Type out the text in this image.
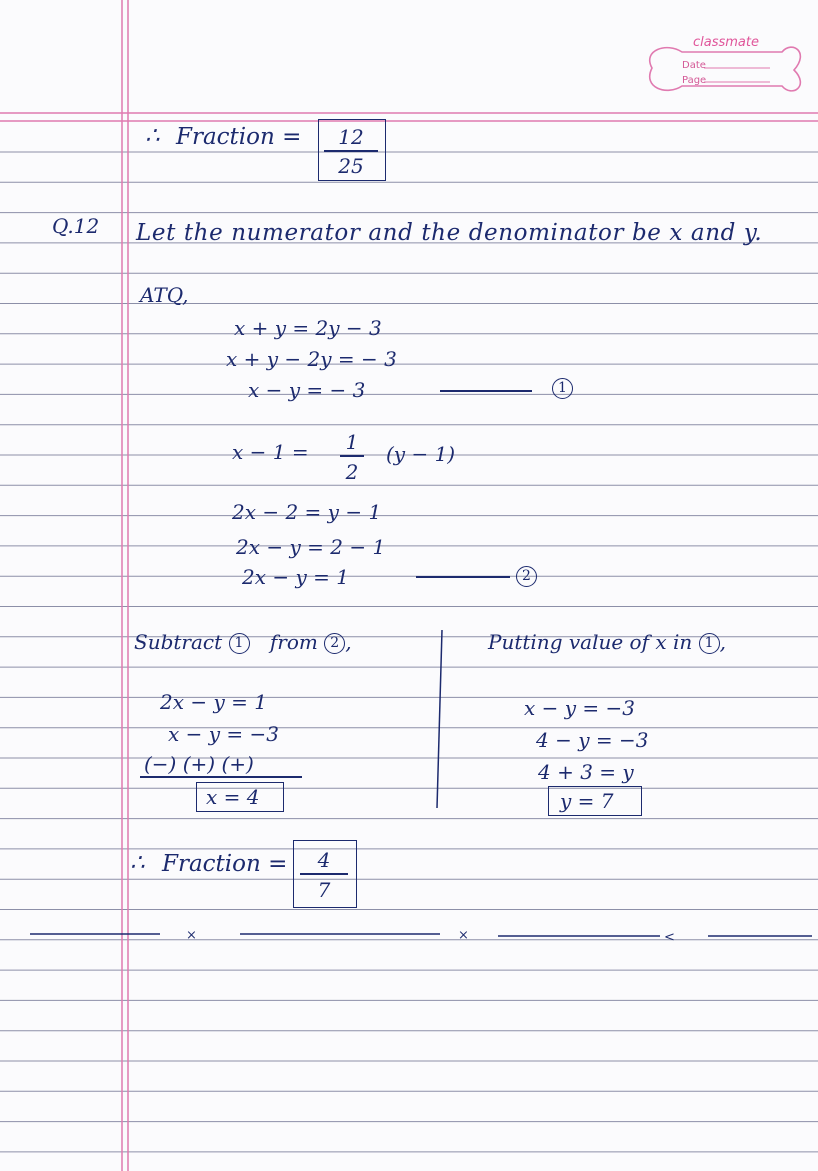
classmate
Date
Page
∴ Fraction =	12
25
Q.12 Let the numerator and the denominator be x and y.
ATQ,
x + y = 2y − 3
x + y − 2y = − 3
x − y = − 3	1
x − 1 = 1
2
(y − 1)
2x − 2 = y − 1
2x − y = 2 − 1
2x − y = 1	2
Subtract 1 from 2 ,
2x − y = 1
x − y = −3
(−) (+) (+)
x = 4
Putting value of x in 1 ,
x − y = −3
4 − y = −3
4 + 3 = y
y = 7
∴ Fraction =	4
7
×	×	<
